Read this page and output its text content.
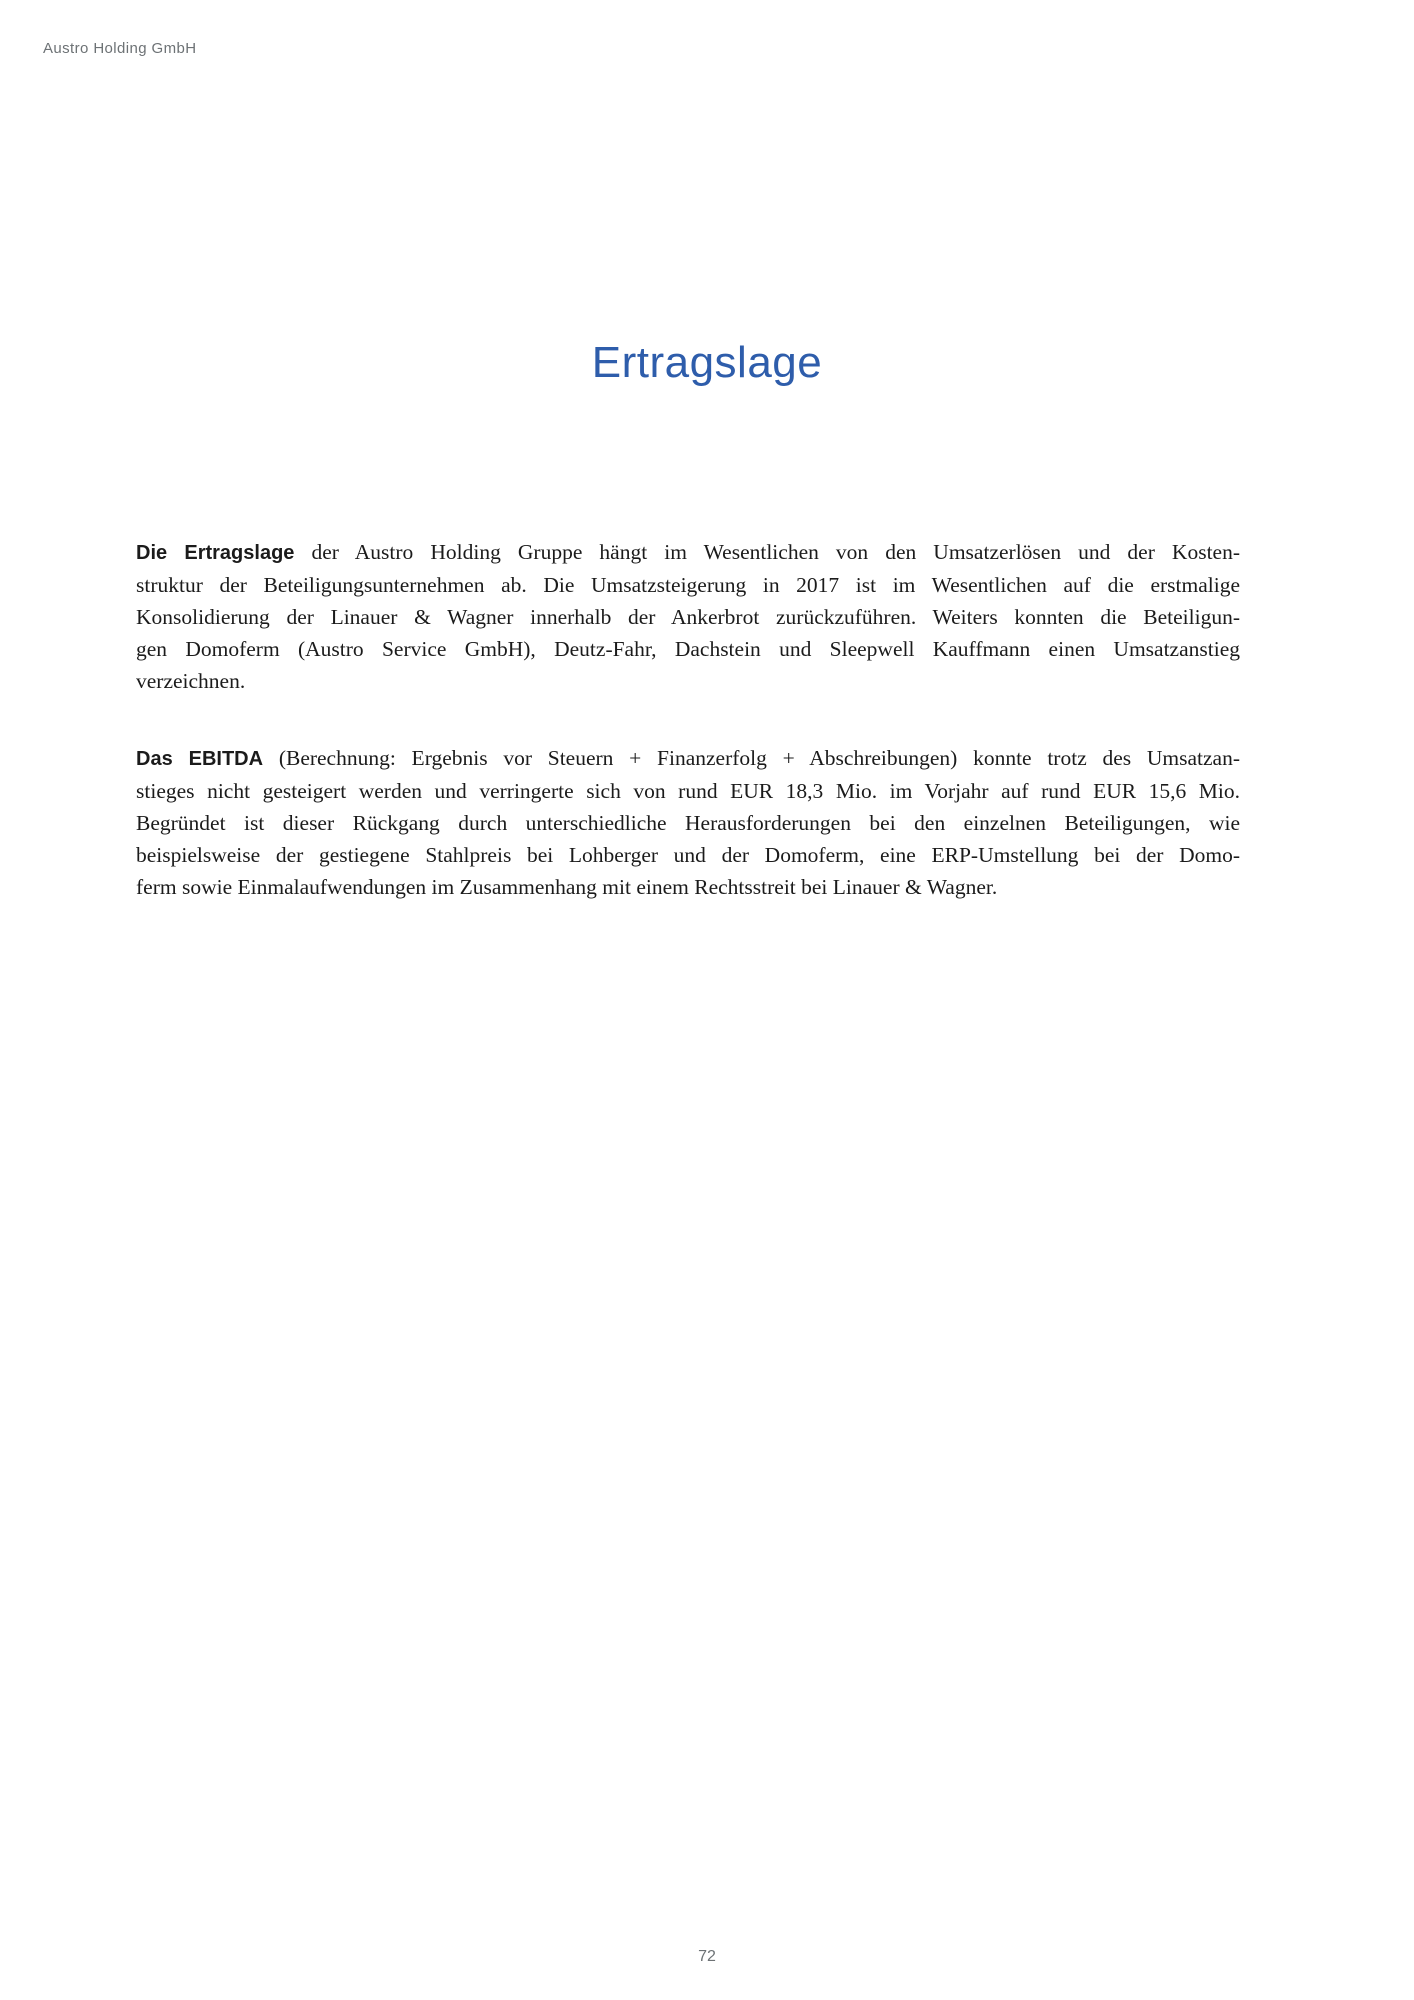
Austro Holding GmbH
Ertragslage

Die Ertragslage der Austro Holding Gruppe hängt im Wesentlichen von den Umsatzerlösen und der Kosten-
struktur der Beteiligungsunternehmen ab. Die Umsatzsteigerung in 2017 ist im Wesentlichen auf die erstmalige
Konsolidierung der Linauer & Wagner innerhalb der Ankerbrot zurückzuführen. Weiters konnten die Beteiligun-
gen Domoferm (Austro Service GmbH), Deutz-Fahr, Dachstein und Sleepwell Kauffmann einen Umsatzanstieg
verzeichnen.

Das EBITDA (Berechnung: Ergebnis vor Steuern + Finanzerfolg + Abschreibungen) konnte trotz des Umsatzan-
stieges nicht gesteigert werden und verringerte sich von rund EUR 18,3 Mio. im Vorjahr auf rund EUR 15,6 Mio.
Begründet ist dieser Rückgang durch unterschiedliche Herausforderungen bei den einzelnen Beteiligungen, wie
beispielsweise der gestiegene Stahlpreis bei Lohberger und der Domoferm, eine ERP-Umstellung bei der Domo-
ferm sowie Einmalaufwendungen im Zusammenhang mit einem Rechtsstreit bei Linauer & Wagner.

72
